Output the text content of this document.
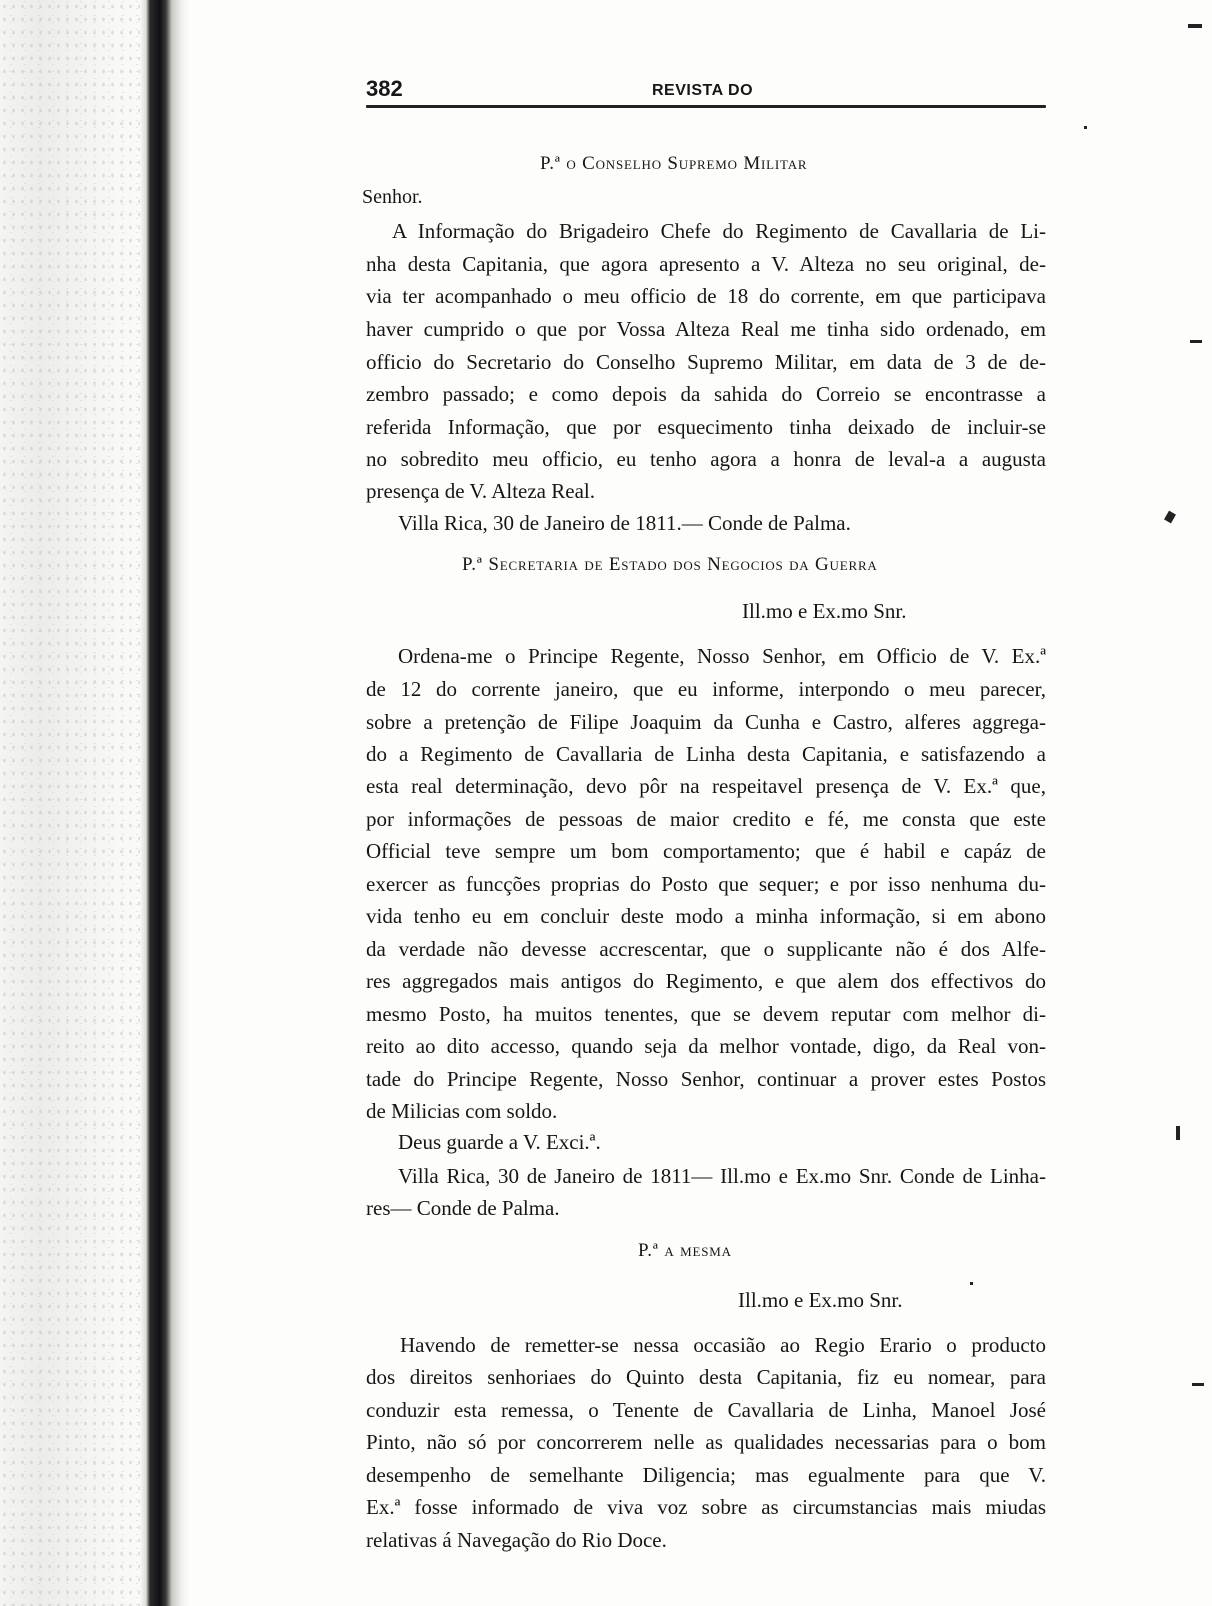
382	REVISTA DO
P.ª o Conselho Supremo Militar
Senhor.
A Informação do Brigadeiro Chefe do Regimento de Cavallaria de Li-
nha desta Capitania, que agora apresento a V. Alteza no seu original, de-
via ter acompanhado o meu officio de 18 do corrente, em que participava
haver cumprido o que por Vossa Alteza Real me tinha sido ordenado, em
officio do Secretario do Conselho Supremo Militar, em data de 3 de de-
zembro passado; e como depois da sahida do Correio se encontrasse a
referida Informação, que por esquecimento tinha deixado de incluir-se
no sobredito meu officio, eu tenho agora a honra de leval-a a augusta
presença de V. Alteza Real.
Villa Rica, 30 de Janeiro de 1811.— Conde de Palma.
P.ª Secretaria de Estado dos Negocios da Guerra
Ill.mo e Ex.mo Snr.
Ordena-me o Principe Regente, Nosso Senhor, em Officio de V. Ex.ª
de 12 do corrente janeiro, que eu informe, interpondo o meu parecer,
sobre a pretenção de Filipe Joaquim da Cunha e Castro, alferes aggrega-
do a Regimento de Cavallaria de Linha desta Capitania, e satisfazendo a
esta real determinação, devo pôr na respeitavel presença de V. Ex.ª que,
por informações de pessoas de maior credito e fé, me consta que este
Official teve sempre um bom comportamento; que é habil e capáz de
exercer as funcções proprias do Posto que sequer; e por isso nenhuma du-
vida tenho eu em concluir deste modo a minha informação, si em abono
da verdade não devesse accrescentar, que o supplicante não é dos Alfe-
res aggregados mais antigos do Regimento, e que alem dos effectivos do
mesmo Posto, ha muitos tenentes, que se devem reputar com melhor di-
reito ao dito accesso, quando seja da melhor vontade, digo, da Real von-
tade do Principe Regente, Nosso Senhor, continuar a prover estes Postos
de Milicias com soldo.
Deus guarde a V. Exci.ª.
Villa Rica, 30 de Janeiro de 1811— Ill.mo e Ex.mo Snr. Conde de Linha-
res— Conde de Palma.
P.ª a mesma
Ill.mo e Ex.mo Snr.
Havendo de remetter-se nessa occasião ao Regio Erario o producto
dos direitos senhoriaes do Quinto desta Capitania, fiz eu nomear, para
conduzir esta remessa, o Tenente de Cavallaria de Linha, Manoel José
Pinto, não só por concorrerem nelle as qualidades necessarias para o bom
desempenho de semelhante Diligencia; mas egualmente para que V.
Ex.ª fosse informado de viva voz sobre as circumstancias mais miudas
relativas á Navegação do Rio Doce.
